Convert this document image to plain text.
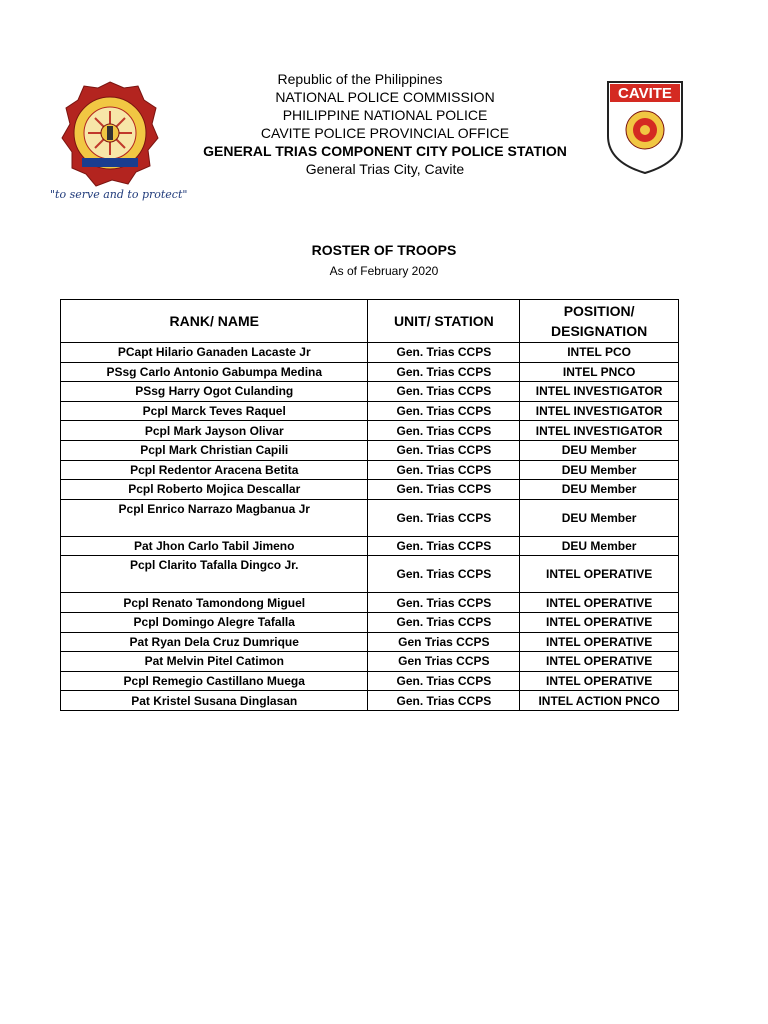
"to serve and to protect"
CAVITE
Republic of the Philippines
NATIONAL POLICE COMMISSION
PHILIPPINE NATIONAL POLICE
CAVITE POLICE PROVINCIAL OFFICE
GENERAL TRIAS COMPONENT CITY POLICE STATION
General Trias City, Cavite
ROSTER OF TROOPS
As of February 2020
RANK/ NAME	UNIT/ STATION	POSITION/ DESIGNATION
PCapt Hilario Ganaden Lacaste Jr	Gen. Trias CCPS	INTEL PCO
PSsg Carlo Antonio Gabumpa Medina	Gen. Trias CCPS	INTEL PNCO
PSsg Harry Ogot Culanding	Gen. Trias CCPS	INTEL INVESTIGATOR
Pcpl Marck Teves Raquel	Gen. Trias CCPS	INTEL INVESTIGATOR
Pcpl Mark Jayson Olivar	Gen. Trias CCPS	INTEL INVESTIGATOR
Pcpl Mark Christian Capili	Gen. Trias CCPS	DEU Member
Pcpl Redentor Aracena Betita	Gen. Trias CCPS	DEU Member
Pcpl Roberto Mojica Descallar	Gen. Trias CCPS	DEU Member
Pcpl Enrico Narrazo Magbanua Jr	Gen. Trias CCPS	DEU Member
Pat Jhon Carlo Tabil Jimeno	Gen. Trias CCPS	DEU Member
Pcpl Clarito Tafalla Dingco Jr.	Gen. Trias CCPS	INTEL OPERATIVE
Pcpl Renato Tamondong Miguel	Gen. Trias CCPS	INTEL OPERATIVE
Pcpl Domingo Alegre Tafalla	Gen. Trias CCPS	INTEL OPERATIVE
Pat Ryan Dela Cruz Dumrique	Gen Trias CCPS	INTEL OPERATIVE
Pat Melvin Pitel Catimon	Gen Trias CCPS	INTEL OPERATIVE
Pcpl Remegio Castillano Muega	Gen. Trias CCPS	INTEL OPERATIVE
Pat Kristel Susana Dinglasan	Gen. Trias CCPS	INTEL ACTION PNCO
